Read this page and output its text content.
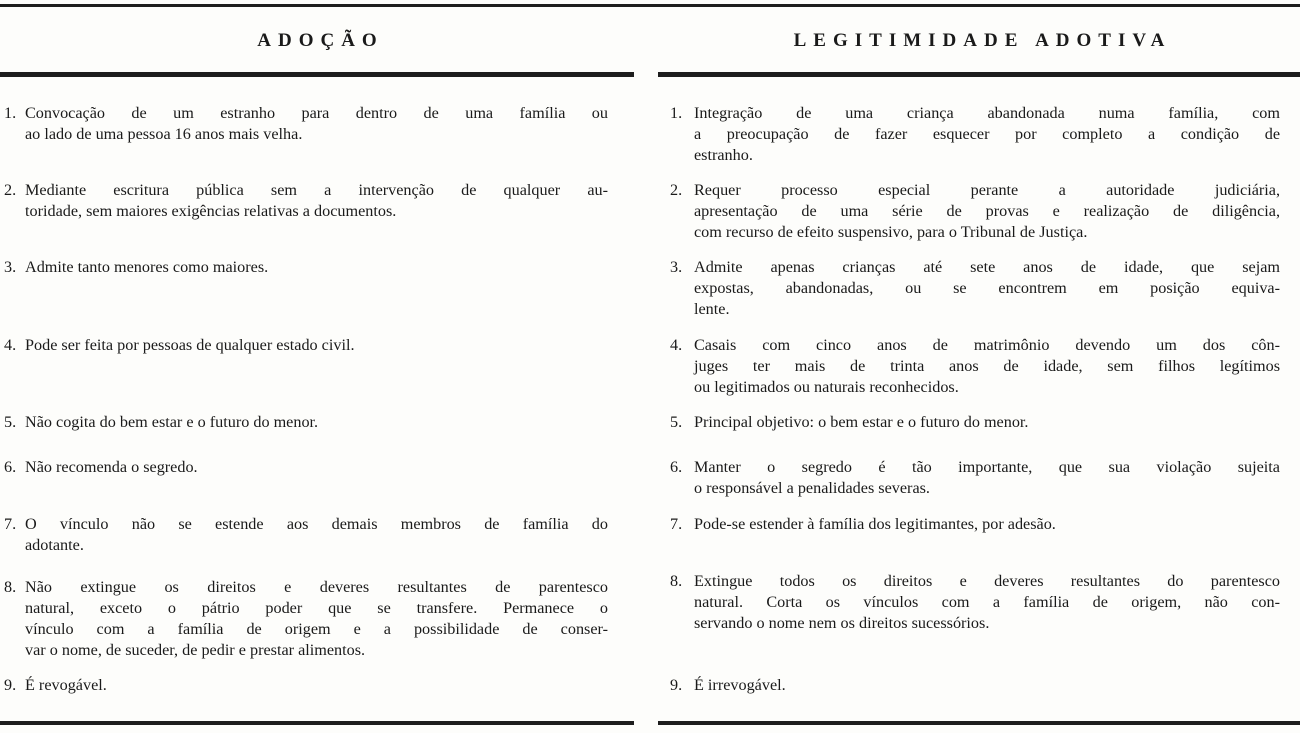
ADOÇÃO	LEGITIMIDADE ADOTIVA
1. Convocação de um estranho para dentro de uma família ou
ao lado de uma pessoa 16 anos mais velha.
2. Mediante escritura pública sem a intervenção de qualquer au-
toridade, sem maiores exigências relativas a documentos.
3. Admite tanto menores como maiores.
4. Pode ser feita por pessoas de qualquer estado civil.
5. Não cogita do bem estar e o futuro do menor.
6. Não recomenda o segredo.
7. O vínculo não se estende aos demais membros de família do
adotante.
8. Não extingue os direitos e deveres resultantes de parentesco
natural, exceto o pátrio poder que se transfere. Permanece o
vínculo com a família de origem e a possibilidade de conser-
var o nome, de suceder, de pedir e prestar alimentos.
9. É revogável.
1. Integração de uma criança abandonada numa família, com
a preocupação de fazer esquecer por completo a condição de
estranho.
2. Requer processo especial perante a autoridade judiciária,
apresentação de uma série de provas e realização de diligência,
com recurso de efeito suspensivo, para o Tribunal de Justiça.
3. Admite apenas crianças até sete anos de idade, que sejam
expostas, abandonadas, ou se encontrem em posição equiva-
lente.
4. Casais com cinco anos de matrimônio devendo um dos côn-
juges ter mais de trinta anos de idade, sem filhos legítimos
ou legitimados ou naturais reconhecidos.
5. Principal objetivo: o bem estar e o futuro do menor.
6. Manter o segredo é tão importante, que sua violação sujeita
o responsável a penalidades severas.
7. Pode-se estender à família dos legitimantes, por adesão.
8. Extingue todos os direitos e deveres resultantes do parentesco
natural. Corta os vínculos com a família de origem, não con-
servando o nome nem os direitos sucessórios.
9. É irrevogável.
